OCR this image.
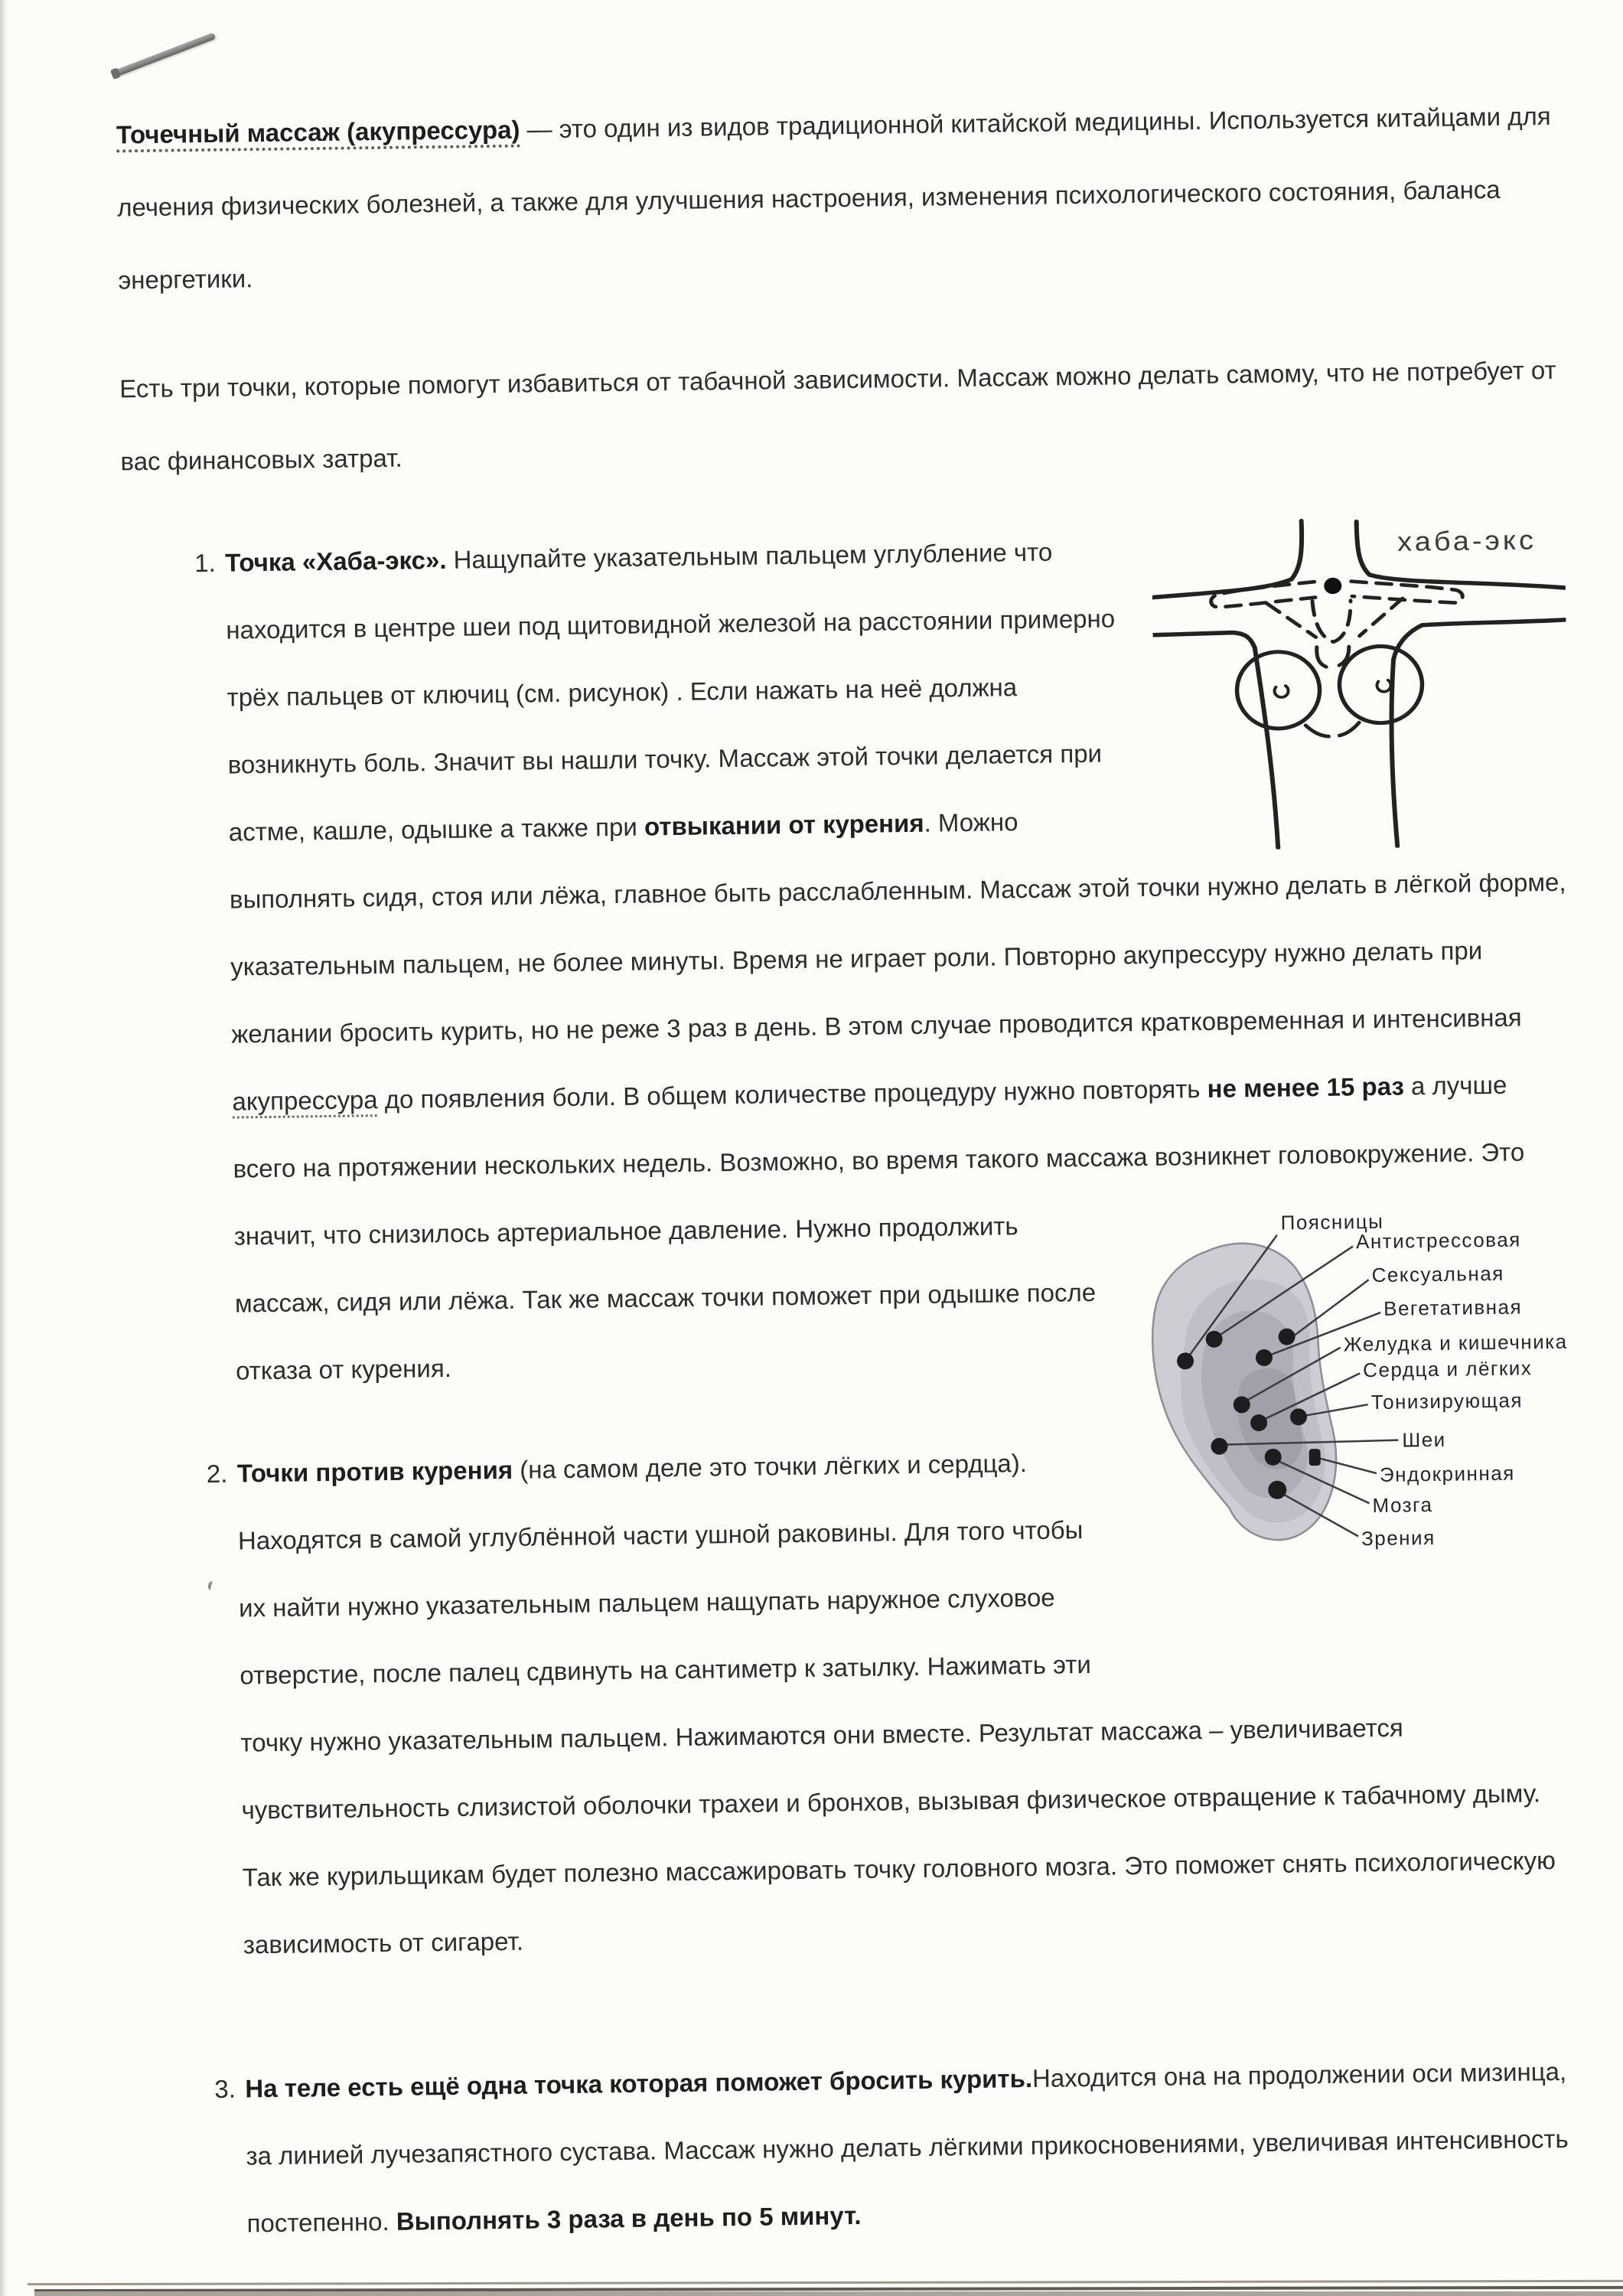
Точечный массаж (акупрессура) — это один из видов традиционной китайской медицины. Используется китайцами для лечения физических болезней, а также для улучшения настроения, изменения психологического состояния, баланса энергетики.
Есть три точки, которые помогут избавиться от табачной зависимости. Массаж можно делать самому, что не потребует от вас финансовых затрат.
1.
хаба-экс
Точка «Хаба-экс». Нащупайте указательным пальцем углубление что находится в центре шеи под щитовидной железой на расстоянии примерно трёх пальцев от ключиц (см. рисунок) . Если нажать на неё должна возникнуть боль. Значит вы нашли точку. Массаж этой точки делается при астме, кашле, одышке а также при отвыкании от курения. Можно выполнять сидя, стоя или лёжа, главное быть расслабленным. Массаж этой точки нужно делать в лёгкой форме, указательным пальцем, не более минуты. Время не играет роли. Повторно акупрессуру нужно делать при желании бросить курить, но не реже 3 раз в день. В этом случае проводится кратковременная и интенсивная акупрессура до появления боли. В общем количестве процедуру нужно повторять не менее 15 раз а лучше всего на протяжении нескольких недель. Возможно, во время такого массажа возникнет головокружение. Это значит, что снизилось артериальное давление.	Поясницы
Антистрессовая
Сексуальная
Вегетативная
Желудка и кишечника
Сердца и лёгких
Тонизирующая
Шеи
Эндокринная
Мозга
Зрения
Нужно продолжить массаж, сидя или лёжа. Так же массаж точки поможет при одышке после отказа от курения.
2. Точки против курения (на самом деле это точки лёгких и сердца). Находятся в самой углублённой части ушной раковины. Для того чтобы их найти нужно указательным пальцем нащупать наружное слуховое отверстие, после палец сдвинуть на сантиметр к затылку. Нажимать эти точку нужно указательным пальцем. Нажимаются они вместе. Результат массажа – увеличивается чувствительность слизистой оболочки трахеи и бронхов, вызывая физическое отвращение к табачному дыму. Так же курильщикам будет полезно массажировать точку головного мозга. Это поможет снять психологическую зависимость от сигарет.
3. На теле есть ещё одна точка которая поможет бросить курить.Находится она на продолжении оси мизинца, за линией лучезапястного сустава. Массаж нужно делать лёгкими прикосновениями, увеличивая интенсивность постепенно. Выполнять 3 раза в день по 5 минут.
